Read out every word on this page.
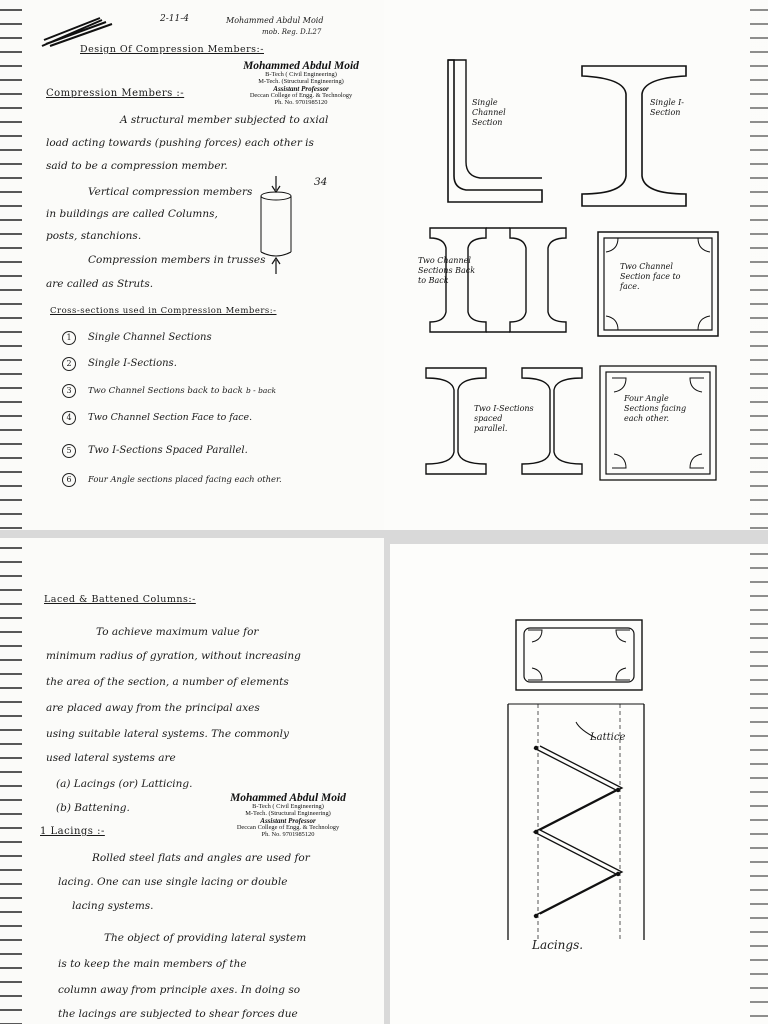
2-11-4	Mohammed Abdul Moid
mob. Reg. D.L27
Design Of Compression Members:-
Mohammed Abdul Moid
B-Tech ( Civil Engineering)
M-Tech. (Structural Engineering)
Assistant Professor
Deccan College of Engg. & Technology
Ph. No. 9701985120
Compression Members :-
A structural member subjected to axial
load acting towards (pushing forces) each other is
said to be a compression member.
Vertical compression members
in buildings are called Columns,
posts, stanchions.
Compression members in trusses
are called as Struts.
34
Cross-sections used in Compression Members:-
1 Single Channel Sections
2 Single I-Sections.
3 Two Channel Sections back to back b - back
4 Two Channel Section Face to face.
5 Two I-Sections Spaced Parallel.
6 Four Angle sections placed facing each other.
Single Channel Section
Single I-Section
Two Channel Sections Back to Back
Two Channel Section face to face.
Two I-Sections spaced parallel.
Four Angle Sections facing each other.
Laced & Battened Columns:-
To achieve maximum value for
minimum radius of gyration, without increasing
the area of the section, a number of elements
are placed away from the principal axes
using suitable lateral systems. The commonly
used lateral systems are
(a) Lacings (or) Latticing.
(b) Battening.
Mohammed Abdul Moid
B-Tech ( Civil Engineering)
M-Tech. (Structural Engineering)
Assistant Professor
Deccan College of Engg. & Technology
Ph. No. 9701985120
1 Lacings :-
Rolled steel flats and angles are used for
lacing. One can use single lacing or double
lacing systems.
The object of providing lateral system
is to keep the main members of the
column away from principle axes. In doing so
the lacings are subjected to shear forces due
Lattice
Lacings.
